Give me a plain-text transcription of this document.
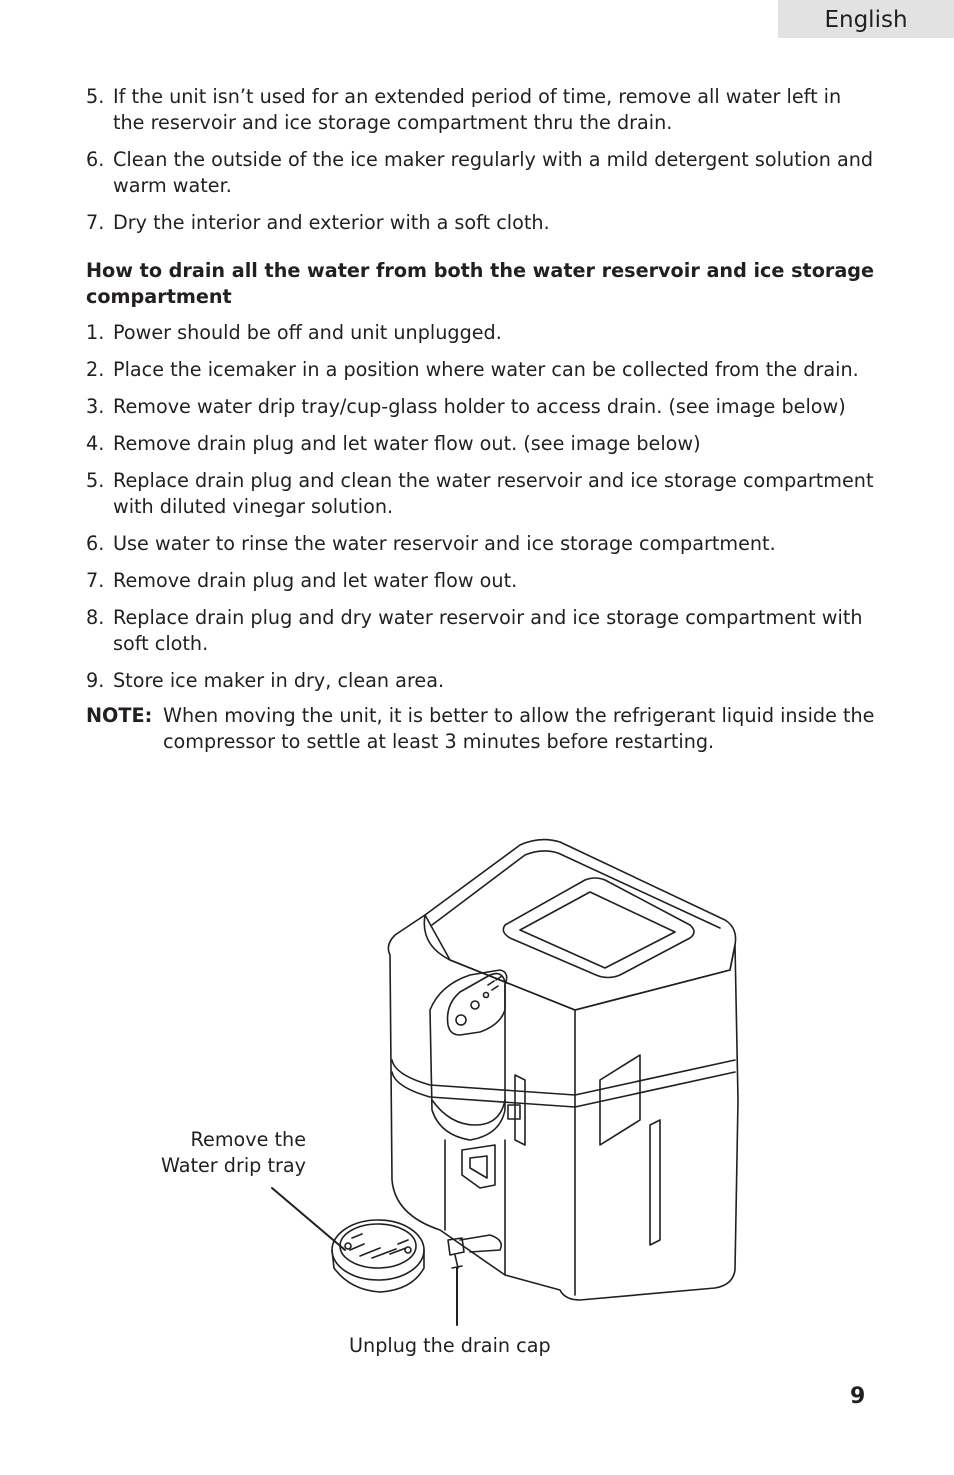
English
5. If the unit isn’t used for an extended period of time, remove all water left in the reservoir and ice storage compartment thru the drain.
6. Clean the outside of the ice maker regularly with a mild detergent solution and warm water.
7. Dry the interior and exterior with a soft cloth.
How to drain all the water from both the water reservoir and ice storage compartment
1. Power should be off and unit unplugged.
2. Place the icemaker in a position where water can be collected from the drain.
3. Remove water drip tray/cup-glass holder to access drain. (see image below)
4. Remove drain plug and let water flow out. (see image below)
5. Replace drain plug and clean the water reservoir and ice storage compartment with diluted vinegar solution.
6. Use water to rinse the water reservoir and ice storage compartment.
7. Remove drain plug and let water flow out.
8. Replace drain plug and dry water reservoir and ice storage compartment with soft cloth.
9. Store ice maker in dry, clean area.
NOTE: When moving the unit, it is better to allow the refrigerant liquid inside the compressor to settle at least 3 minutes before restarting.
Remove the
Water drip tray
Unplug the drain cap
9
